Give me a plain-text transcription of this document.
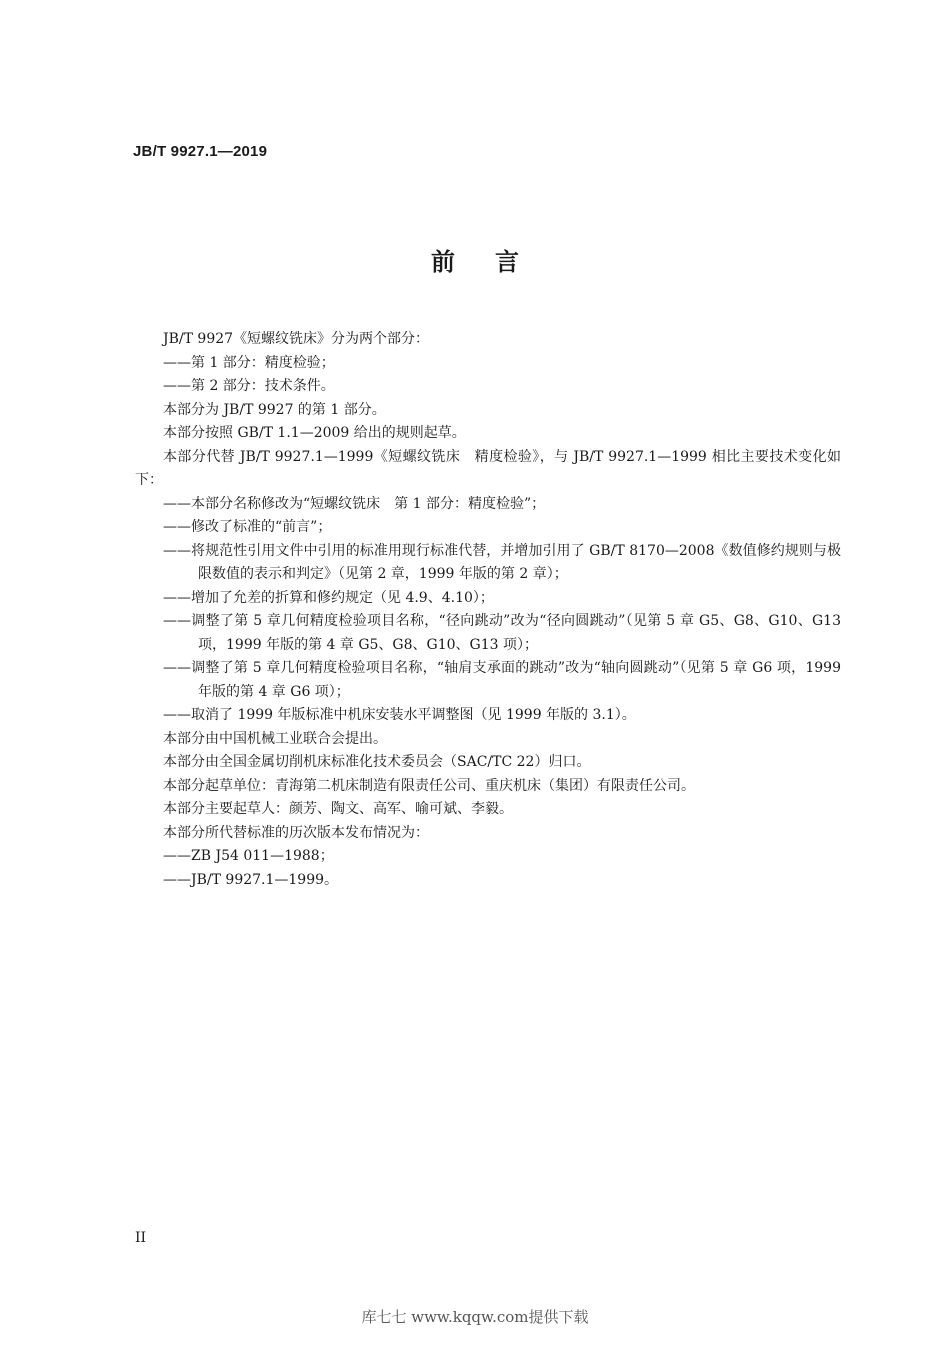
JB/T 9927.1—2019
前言

JB/T 9927《短螺纹铣床》分为两个部分：

——第 1 部分：精度检验；

——第 2 部分：技术条件。

本部分为 JB/T 9927 的第 1 部分。

本部分按照 GB/T 1.1—2009 给出的规则起草。

本部分代替 JB/T 9927.1—1999《短螺纹铣床　精度检验》，与 JB/T 9927.1—1999 相比主要技术变化如下：

——本部分名称修改为“短螺纹铣床　第 1 部分：精度检验”；

——修改了标准的“前言”；

——将规范性引用文件中引用的标准用现行标准代替，并增加引用了 GB/T 8170—2008《数值修约规则与极限数值的表示和判定》（见第 2 章，1999 年版的第 2 章）；

——增加了允差的折算和修约规定（见 4.9、4.10）；

——调整了第 5 章几何精度检验项目名称，“径向跳动”改为“径向圆跳动”（见第 5 章 G5、G8、G10、G13 项，1999 年版的第 4 章 G5、G8、G10、G13 项）；

——调整了第 5 章几何精度检验项目名称，“轴肩支承面的跳动”改为“轴向圆跳动”（见第 5 章 G6 项，1999 年版的第 4 章 G6 项）；

——取消了 1999 年版标准中机床安装水平调整图（见 1999 年版的 3.1）。

本部分由中国机械工业联合会提出。

本部分由全国金属切削机床标准化技术委员会（SAC/TC 22）归口。

本部分起草单位：青海第二机床制造有限责任公司、重庆机床（集团）有限责任公司。

本部分主要起草人：颜芳、陶文、高军、喻可斌、李毅。

本部分所代替标准的历次版本发布情况为：

——ZB J54 011—1988；

——JB/T 9927.1—1999。

II
库七七 www.kqqw.com提供下载
